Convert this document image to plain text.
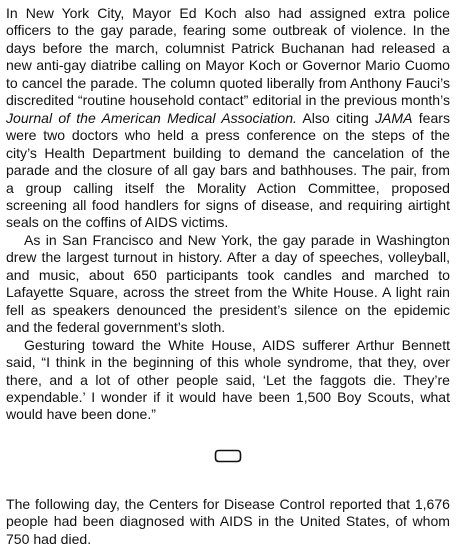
In New York City, Mayor Ed Koch also had assigned extra police officers to the gay parade, fearing some outbreak of violence. In the days before the march, columnist Patrick Buchanan had released a new anti-gay diatribe calling on Mayor Koch or Governor Mario Cuomo to cancel the parade. The column quoted liberally from Anthony Fauci’s discredited “routine household contact” editorial in the previous month’s Journal of the American Medical Association. Also citing JAMA fears were two doctors who held a press conference on the steps of the city’s Health Department building to demand the cancelation of the parade and the closure of all gay bars and bathhouses. The pair, from a group calling itself the Morality Action Committee, proposed screening all food handlers for signs of disease, and requiring airtight seals on the coffins of AIDS victims.

As in San Francisco and New York, the gay parade in Washington drew the largest turnout in history. After a day of speeches, volleyball, and music, about 650 participants took candles and marched to Lafayette Square, across the street from the White House. A light rain fell as speakers denounced the president’s silence on the epidemic and the federal government’s sloth.

Gesturing toward the White House, AIDS sufferer Arthur Bennett said, “I think in the beginning of this whole syndrome, that they, over there, and a lot of other people said, ‘Let the faggots die. They’re expendable.’ I wonder if it would have been 1,500 Boy Scouts, what would have been done.”

The following day, the Centers for Disease Control reported that 1,676 people had been diagnosed with AIDS in the United States, of whom 750 had died.
